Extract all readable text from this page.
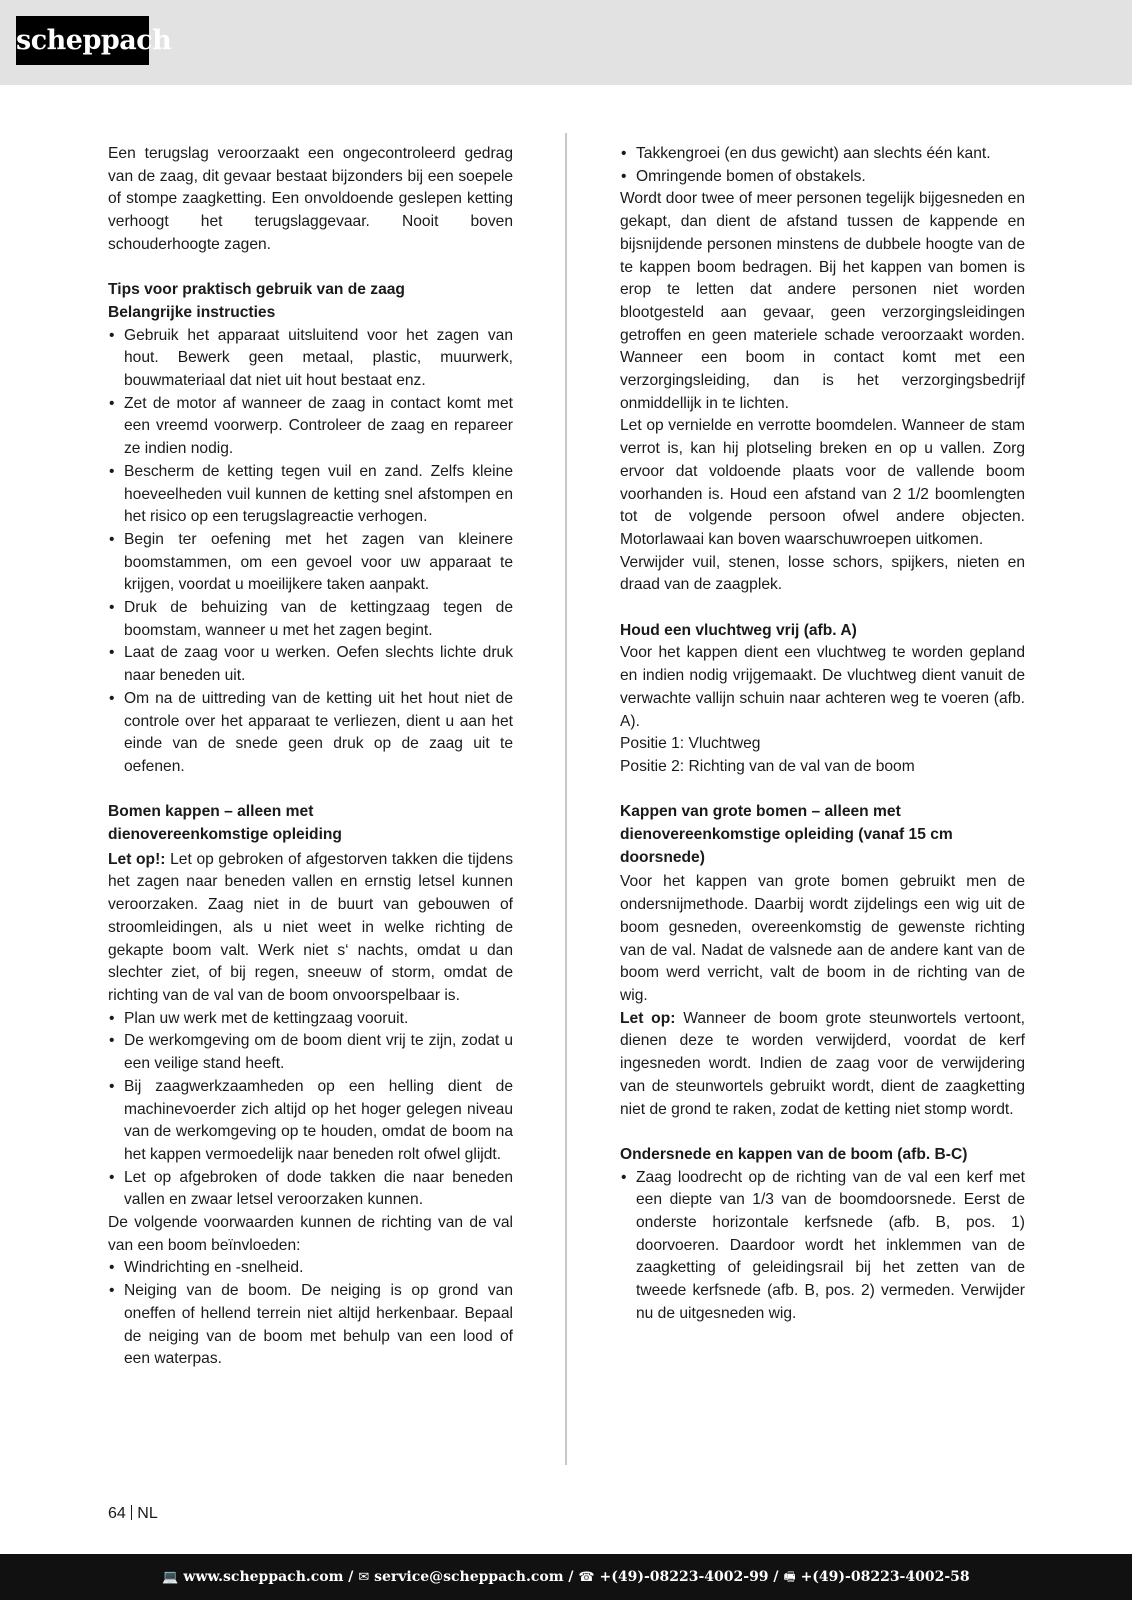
scheppach

Een terugslag veroorzaakt een ongecontroleerd gedrag van de zaag, dit gevaar bestaat bijzonders bij een soepele of stompe zaagketting. Een onvoldoende geslepen ketting verhoogt het terugslaggevaar. Nooit boven schouderhoogte zagen.

Tips voor praktisch gebruik van de zaag

Belangrijke instructies

• Gebruik het apparaat uitsluitend voor het zagen van hout. Bewerk geen metaal, plastic, muurwerk, bouwmateriaal dat niet uit hout bestaat enz.
• Zet de motor af wanneer de zaag in contact komt met een vreemd voorwerp. Controleer de zaag en repareer ze indien nodig.
• Bescherm de ketting tegen vuil en zand. Zelfs kleine hoeveelheden vuil kunnen de ketting snel afstompen en het risico op een terugslagreactie verhogen.
• Begin ter oefening met het zagen van kleinere boomstammen, om een gevoel voor uw apparaat te krijgen, voordat u moeilijkere taken aanpakt.
• Druk de behuizing van de kettingzaag tegen de boomstam, wanneer u met het zagen begint.
• Laat de zaag voor u werken. Oefen slechts lichte druk naar beneden uit.
• Om na de uittreding van de ketting uit het hout niet de controle over het apparaat te verliezen, dient u aan het einde van de snede geen druk op de zaag uit te oefenen.

Bomen kappen – alleen met

dienovereenkomstige opleiding

Let op!: Let op gebroken of afgestorven takken die tijdens het zagen naar beneden vallen en ernstig letsel kunnen veroorzaken. Zaag niet in de buurt van gebouwen of stroomleidingen, als u niet weet in welke richting de gekapte boom valt. Werk niet s‘ nachts, omdat u dan slechter ziet, of bij regen, sneeuw of storm, omdat de richting van de val van de boom onvoorspelbaar is.

• Plan uw werk met de kettingzaag vooruit.
• De werkomgeving om de boom dient vrij te zijn, zodat u een veilige stand heeft.
• Bij zaagwerkzaamheden op een helling dient de machinevoerder zich altijd op het hoger gelegen niveau van de werkomgeving op te houden, omdat de boom na het kappen vermoedelijk naar beneden rolt ofwel glijdt.
• Let op afgebroken of dode takken die naar beneden vallen en zwaar letsel veroorzaken kunnen.

De volgende voorwaarden kunnen de richting van de val van een boom beïnvloeden:

• Windrichting en -snelheid.
• Neiging van de boom. De neiging is op grond van oneffen of hellend terrein niet altijd herkenbaar. Bepaal de neiging van de boom met behulp van een lood of een waterpas.
• Takkengroei (en dus gewicht) aan slechts één kant.
• Omringende bomen of obstakels.

Wordt door twee of meer personen tegelijk bijgesneden en gekapt, dan dient de afstand tussen de kappende en bijsnijdende personen minstens de dubbele hoogte van de te kappen boom bedragen. Bij het kappen van bomen is erop te letten dat andere personen niet worden blootgesteld aan gevaar, geen verzorgingsleidingen getroffen en geen materiele schade veroorzaakt worden. Wanneer een boom in contact komt met een verzorgingsleiding, dan is het verzorgingsbedrijf onmiddellijk in te lichten.

Let op vernielde en verrotte boomdelen. Wanneer de stam verrot is, kan hij plotseling breken en op u vallen. Zorg ervoor dat voldoende plaats voor de vallende boom voorhanden is. Houd een afstand van 2 1/2 boomlengten tot de volgende persoon ofwel andere objecten. Motorlawaai kan boven waarschuwroepen uitkomen.

Verwijder vuil, stenen, losse schors, spijkers, nieten en draad van de zaagplek.

Houd een vluchtweg vrij (afb. A)

Voor het kappen dient een vluchtweg te worden gepland en indien nodig vrijgemaakt. De vluchtweg dient vanuit de verwachte vallijn schuin naar achteren weg te voeren (afb. A).

Positie 1: Vluchtweg

Positie 2: Richting van de val van de boom

Kappen van grote bomen – alleen met

dienovereenkomstige opleiding (vanaf 15 cm

doorsnede)

Voor het kappen van grote bomen gebruikt men de ondersnijmethode. Daarbij wordt zijdelings een wig uit de boom gesneden, overeenkomstig de gewenste richting van de val. Nadat de valsnede aan de andere kant van de boom werd verricht, valt de boom in de richting van de wig.

Let op: Wanneer de boom grote steunwortels vertoont, dienen deze te worden verwijderd, voordat de kerf ingesneden wordt. Indien de zaag voor de verwijdering van de steunwortels gebruikt wordt, dient de zaagketting niet de grond te raken, zodat de ketting niet stomp wordt.

Ondersnede en kappen van de boom (afb. B-C)

• Zaag loodrecht op de richting van de val een kerf met een diepte van 1/3 van de boomdoorsnede. Eerst de onderste horizontale kerfsnede (afb. B, pos. 1) doorvoeren. Daardoor wordt het inklemmen van de zaagketting of geleidingsrail bij het zetten van de tweede kerfsnede (afb. B, pos. 2) vermeden. Verwijder nu de uitgesneden wig.
64 NL
💻 www.scheppach.com / ✉ service@scheppach.com / ☎ +(49)-08223-4002-99 / 🖷 +(49)-08223-4002-58
